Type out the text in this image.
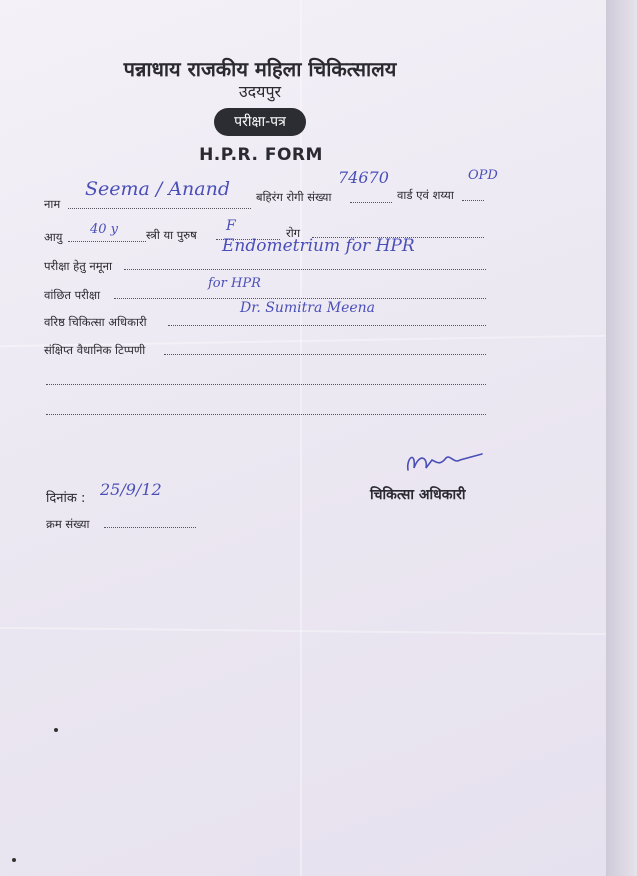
पन्नाधाय राजकीय महिला चिकित्सालय
उदयपुर
परीक्षा-पत्र
H.P.R. FORM
नाम
Seema / Anand बहिरंग रोगी संख्या
74670
वार्ड एवं शय्या
OPD
आयु 40 y स्त्री या पुरुष
F	रोग
परीक्षा हेतु नमूना
Endometrium for HPR
वांछित परीक्षा
for HPR
वरिष्ठ चिकित्सा अधिकारी
Dr. Sumitra Meena
संक्षिप्त वैधानिक टिप्पणी
दिनांक : 25/9/12	चिकित्सा अधिकारी
क्रम संख्या
